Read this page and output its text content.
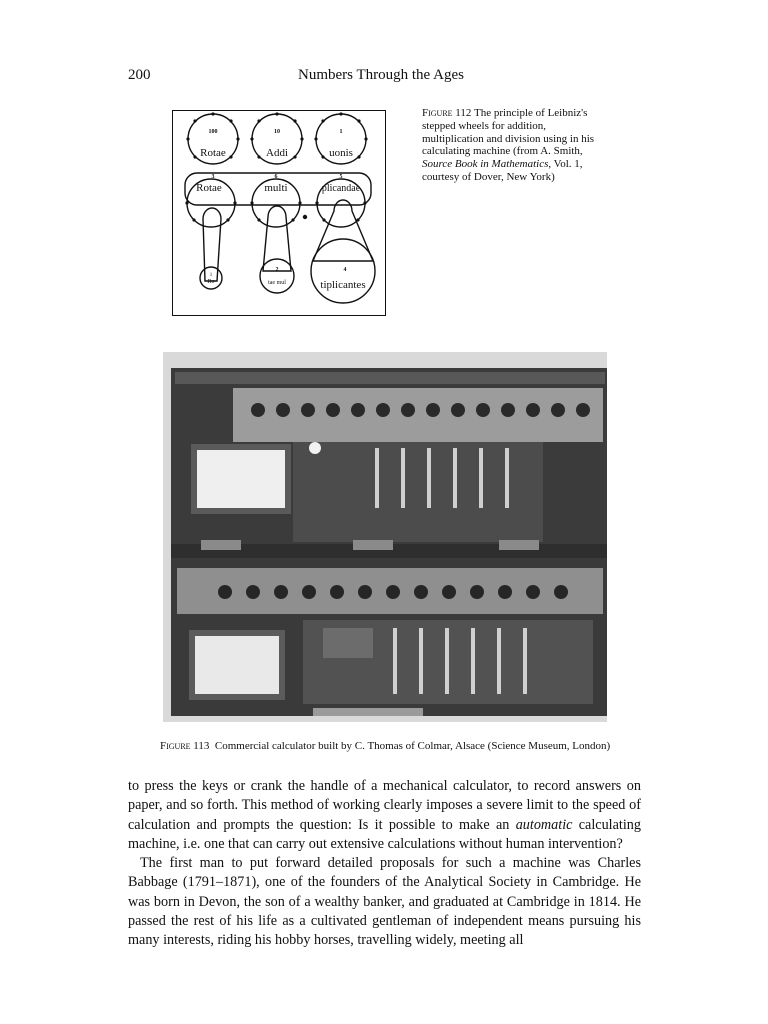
200	Numbers Through the Ages
100	10	1
Rotae	Addi	uonis
3	6	5
Rotae	multi	plicandae
1
Ro
2
tae mul
4
tiplicantes
Figure 112 The principle of Leibniz's stepped wheels for addition, multiplication and division using in his calculating machine (from A. Smith, Source Book in Mathematics, Vol. 1, courtesy of Dover, New York)
Figure 113 Commercial calculator built by C. Thomas of Colmar, Alsace (Science Museum, London)

to press the keys or crank the handle of a mechanical calculator, to record answers on paper, and so forth. This method of working clearly imposes a severe limit to the speed of calculation and prompts the question: Is it possible to make an automatic calculating machine, i.e. one that can carry out extensive calculations without human intervention?

The first man to put forward detailed proposals for such a machine was Charles Babbage (1791–1871), one of the founders of the Analytical Society in Cambridge. He was born in Devon, the son of a wealthy banker, and graduated at Cambridge in 1814. He passed the rest of his life as a cultivated gentleman of independent means pursuing his many interests, riding his hobby horses, travelling widely, meeting all
